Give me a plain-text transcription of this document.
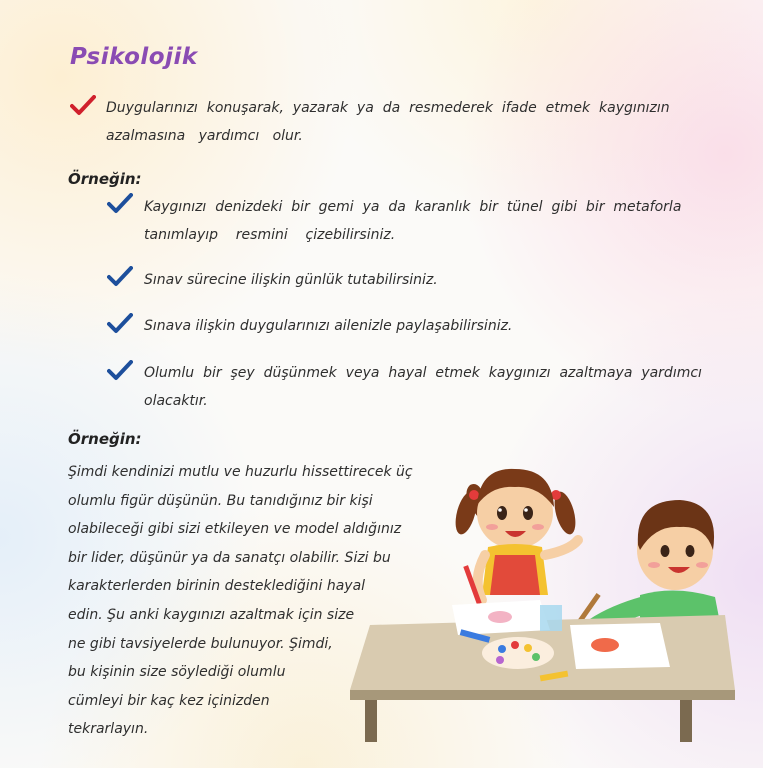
Psikolojik
Duygularınızı  konuşarak,  yazarak  ya  da  resmederek  ifade  etmek  kaygınızın
azalmasına   yardımcı   olur.
Örneğin:
Kaygınızı  denizdeki  bir  gemi  ya  da  karanlık  bir  tünel  gibi  bir  metaforla
tanımlayıp    resmini    çizebilirsiniz.
Sınav sürecine ilişkin günlük tutabilirsiniz.
Sınava ilişkin duygularınızı ailenizle paylaşabilirsiniz.
Olumlu  bir  şey  düşünmek  veya  hayal  etmek  kaygınızı  azaltmaya  yardımcı
olacaktır.
Örneğin:
Şimdi kendinizi mutlu ve huzurlu hissettirecek üç
olumlu figür düşünün. Bu tanıdığınız bir kişi
olabileceği gibi sizi etkileyen ve model aldığınız
bir lider, düşünür ya da sanatçı olabilir. Sizi bu
karakterlerden birinin desteklediğini hayal
edin. Şu anki kaygınızı azaltmak için size
ne gibi tavsiyelerde bulunuyor. Şimdi,
bu kişinin size söylediği olumlu
cümleyi bir kaç kez içinizden
tekrarlayın.
